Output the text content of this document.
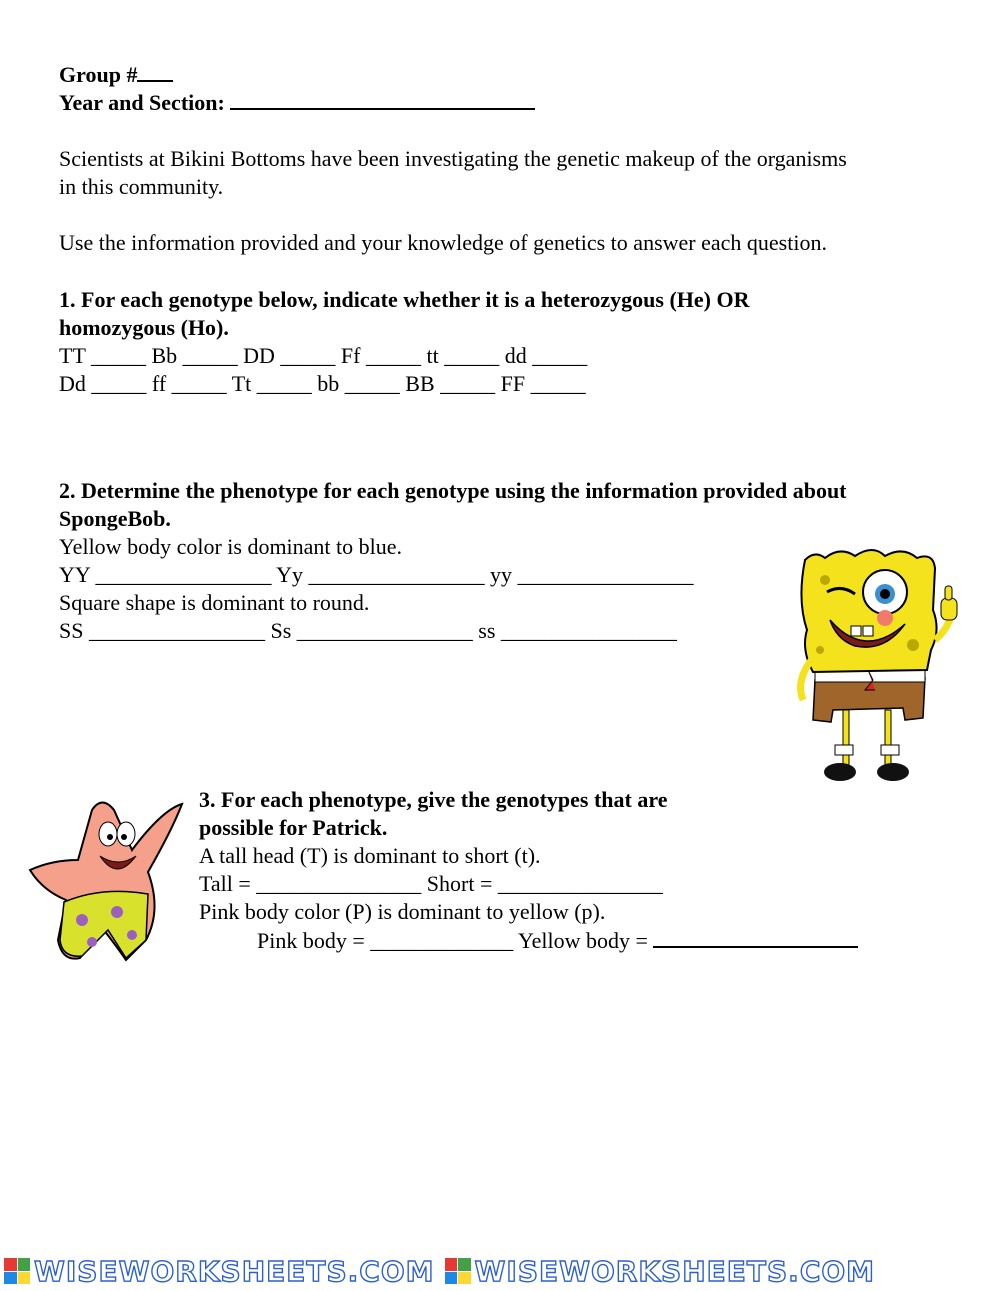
Group #
Year and Section:
Scientists at Bikini Bottoms have been investigating the genetic makeup of the organisms
in this community.
Use the information provided and your knowledge of genetics to answer each question.
1. For each genotype below, indicate whether it is a heterozygous (He) OR
homozygous (Ho).
TT _____ Bb _____ DD _____ Ff _____ tt _____ dd _____
Dd _____ ff _____ Tt _____ bb _____ BB _____ FF _____
2. Determine the phenotype for each genotype using the information provided about
SpongeBob.
Yellow body color is dominant to blue.
YY ________________ Yy ________________ yy ________________
Square shape is dominant to round.
SS ________________ Ss ________________ ss ________________
3. For each phenotype, give the genotypes that are
possible for Patrick.
A tall head (T) is dominant to short (t).
Tall = _______________ Short = _______________
Pink body color (P) is dominant to yellow (p).
Pink body = _____________ Yellow body =
WISEWORKSHEETS.COM WISEWORKSHEETS.COM
